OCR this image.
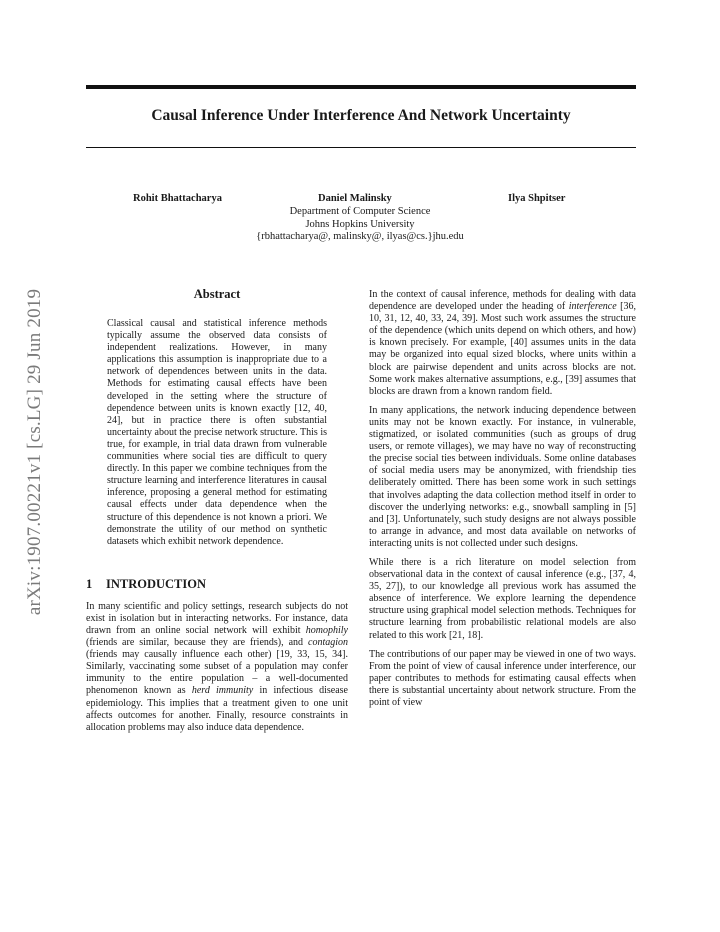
arXiv:1907.00221v1 [cs.LG] 29 Jun 2019
Causal Inference Under Interference And Network Uncertainty
Rohit Bhattacharya	Daniel Malinsky	Ilya Shpitser
Department of Computer Science
Johns Hopkins University
{rbhattacharya@, malinsky@, ilyas@cs.}jhu.edu
Abstract
Classical causal and statistical inference methods typically assume the observed data consists of independent realizations. However, in many applications this assumption is inappropriate due to a network of dependences between units in the data. Methods for estimating causal effects have been developed in the setting where the structure of dependence between units is known exactly [12, 40, 24], but in practice there is often substantial uncertainty about the precise network structure. This is true, for example, in trial data drawn from vulnerable communities where social ties are difficult to query directly. In this paper we combine techniques from the structure learning and interference literatures in causal inference, proposing a general method for estimating causal effects under data dependence when the structure of this dependence is not known a priori. We demonstrate the utility of our method on synthetic datasets which exhibit network dependence.
1 INTRODUCTION

In many scientific and policy settings, research subjects do not exist in isolation but in interacting networks. For instance, data drawn from an online social network will exhibit homophily (friends are similar, because they are friends), and contagion (friends may causally influence each other) [19, 33, 15, 34]. Similarly, vaccinating some subset of a population may confer immunity to the entire population – a well-documented phenomenon known as herd immunity in infectious disease epidemiology. This implies that a treatment given to one unit affects outcomes for another. Finally, resource constraints in allocation problems may also induce data dependence.

In the context of causal inference, methods for dealing with data dependence are developed under the heading of interference [36, 10, 31, 12, 40, 33, 24, 39]. Most such work assumes the structure of the dependence (which units depend on which others, and how) is known precisely. For example, [40] assumes units in the data may be organized into equal sized blocks, where units within a block are pairwise dependent and units across blocks are not. Some work makes alternative assumptions, e.g., [39] assumes that blocks are drawn from a known random field.

In many applications, the network inducing dependence between units may not be known exactly. For instance, in vulnerable, stigmatized, or isolated communities (such as groups of drug users, or remote villages), we may have no way of reconstructing the precise social ties between individuals. Some online databases of social media users may be anonymized, with friendship ties deliberately omitted. There has been some work in such settings that involves adapting the data collection method itself in order to discover the underlying networks: e.g., snowball sampling in [5] and [3]. Unfortunately, such study designs are not always possible to arrange in advance, and most data available on networks of interacting units is not collected under such designs.

While there is a rich literature on model selection from observational data in the context of causal inference (e.g., [37, 4, 35, 27]), to our knowledge all previous work has assumed the absence of interference. We explore learning the dependence structure using graphical model selection methods. Techniques for structure learning from probabilistic relational models are also related to this work [21, 18].

The contributions of our paper may be viewed in one of two ways. From the point of view of causal inference under interference, our paper contributes to methods for estimating causal effects when there is substantial uncertainty about network structure. From the point of view
